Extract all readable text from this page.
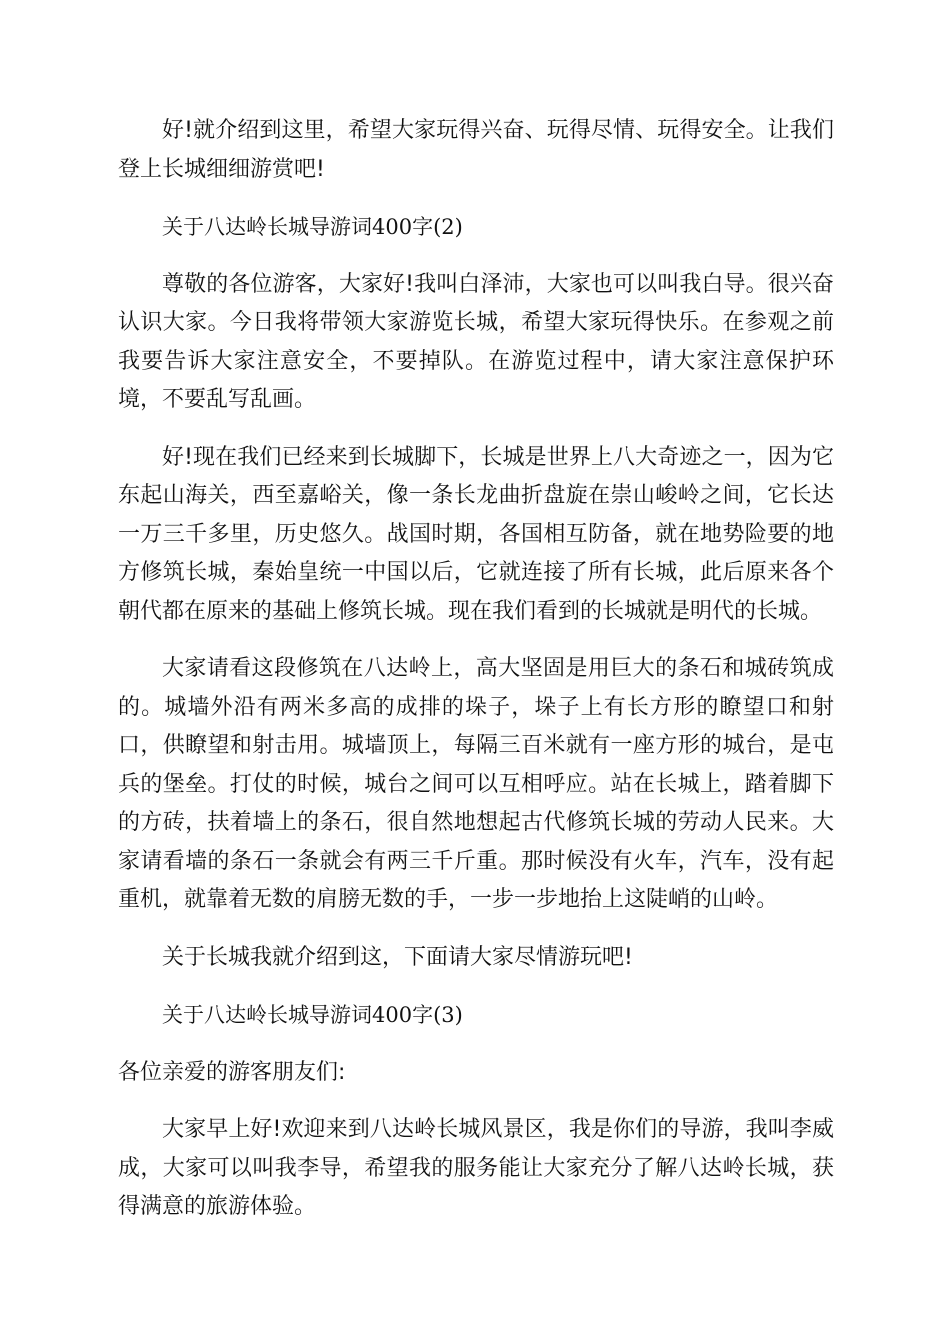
好!就介绍到这里，希望大家玩得兴奋、玩得尽情、玩得安全。让我们登上长城细细游赏吧!

关于八达岭长城导游词400字(2)

尊敬的各位游客，大家好!我叫白泽沛，大家也可以叫我白导。很兴奋认识大家。今日我将带领大家游览长城，希望大家玩得快乐。在参观之前我要告诉大家注意安全，不要掉队。在游览过程中，请大家注意保护环境，不要乱写乱画。

好!现在我们已经来到长城脚下，长城是世界上八大奇迹之一，因为它东起山海关，西至嘉峪关，像一条长龙曲折盘旋在崇山峻岭之间，它长达一万三千多里，历史悠久。战国时期，各国相互防备，就在地势险要的地方修筑长城，秦始皇统一中国以后，它就连接了所有长城，此后原来各个朝代都在原来的基础上修筑长城。现在我们看到的长城就是明代的长城。

大家请看这段修筑在八达岭上，高大坚固是用巨大的条石和城砖筑成的。城墙外沿有两米多高的成排的垛子，垛子上有长方形的瞭望口和射口，供瞭望和射击用。城墙顶上，每隔三百米就有一座方形的城台，是屯兵的堡垒。打仗的时候，城台之间可以互相呼应。站在长城上，踏着脚下的方砖，扶着墙上的条石，很自然地想起古代修筑长城的劳动人民来。大家请看墙的条石一条就会有两三千斤重。那时候没有火车，汽车，没有起重机，就靠着无数的肩膀无数的手，一步一步地抬上这陡峭的山岭。

关于长城我就介绍到这，下面请大家尽情游玩吧!

关于八达岭长城导游词400字(3)

各位亲爱的游客朋友们:

大家早上好!欢迎来到八达岭长城风景区，我是你们的导游，我叫李威成，大家可以叫我李导，希望我的服务能让大家充分了解八达岭长城，获得满意的旅游体验。
